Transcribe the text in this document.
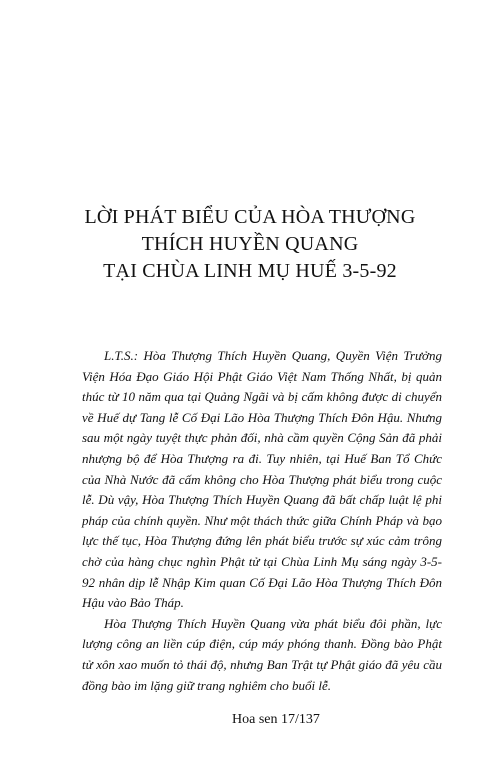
LỜI PHÁT BIỂU CỦA HÒA THƯỢNG
THÍCH HUYỀN QUANG
TẠI CHÙA LINH MỤ HUẾ 3-5-92

L.T.S.: Hòa Thượng Thích Huyền Quang, Quyền Viện Trưởng Viện Hóa Đạo Giáo Hội Phật Giáo Việt Nam Thống Nhất, bị quản thúc từ 10 năm qua tại Quảng Ngãi và bị cấm không được di chuyển về Huế dự Tang lễ Cố Đại Lão Hòa Thượng Thích Đôn Hậu. Nhưng sau một ngày tuyệt thực phản đối, nhà cầm quyền Cộng Sản đã phải nhượng bộ để Hòa Thượng ra đi. Tuy nhiên, tại Huế Ban Tổ Chức của Nhà Nước đã cấm không cho Hòa Thượng phát biểu trong cuộc lễ. Dù vậy, Hòa Thượng Thích Huyền Quang đã bất chấp luật lệ phi pháp của chính quyền. Như một thách thức giữa Chính Pháp và bạo lực thế tục, Hòa Thượng đứng lên phát biểu trước sự xúc cảm trông chờ của hàng chục nghìn Phật tử tại Chùa Linh Mụ sáng ngày 3-5-92 nhân dịp lễ Nhập Kim quan Cố Đại Lão Hòa Thượng Thích Đôn Hậu vào Bảo Tháp.

Hòa Thượng Thích Huyền Quang vừa phát biểu đôi phần, lực lượng công an liền cúp điện, cúp máy phóng thanh. Đồng bào Phật tử xôn xao muốn tỏ thái độ, nhưng Ban Trật tự Phật giáo đã yêu cầu đồng bào im lặng giữ trang nghiêm cho buổi lễ.

Hoa sen 17/137
